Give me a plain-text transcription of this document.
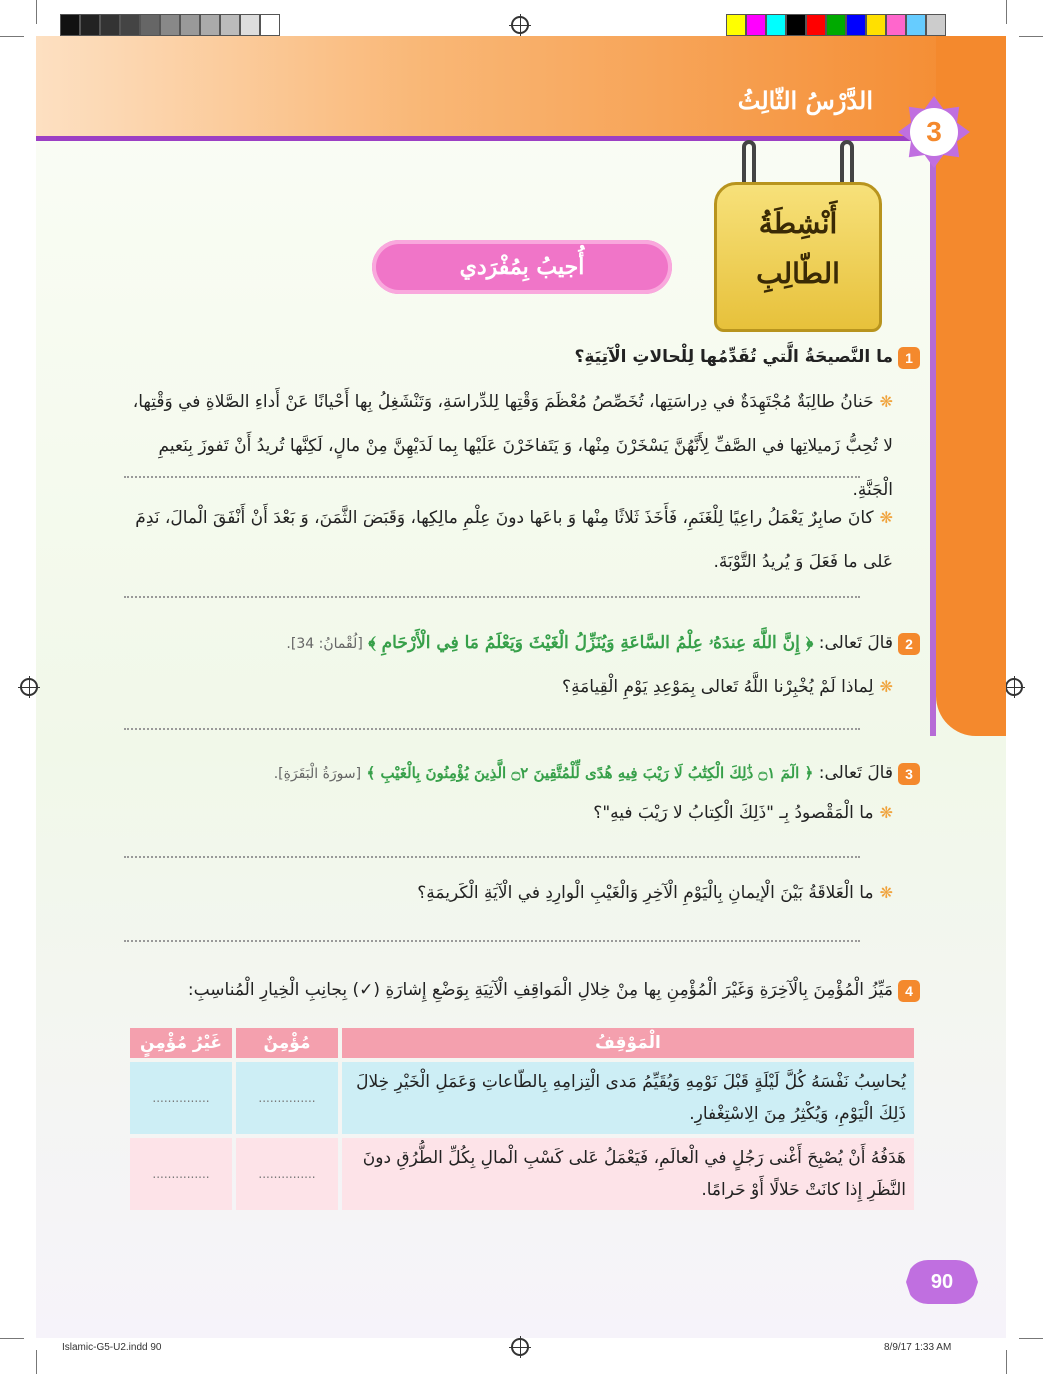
الدَّرْسُ الثّالِثُ
3
أَنْشِطَةُ
الطّالِبِ
أُجيبُ بِمُفْرَدي
1
ما النَّصيحَةُ الَّتي تُقَدِّمُها لِلْحالاتِ الْآتِيَةِ؟
❋حَنانُ طالِبَةٌ مُجْتَهِدَةٌ في دِراسَتِها، تُخَصِّصُ مُعْظَمَ وَقْتِها لِلدِّراسَةِ، وَتَنْشَغِلُ بِها أَحْيانًا عَنْ أَداءِ الصَّلاةِ في وَقْتِها، لا تُحِبُّ زَميلاتِها في الصَّفِّ لِأَنَّهُنَّ يَسْخَرْنَ مِنْها، وَ يَتَفاخَرْنَ عَلَيْها بِما لَدَيْهِنَّ مِنْ مالٍ، لَكِنَّها تُريدُ أَنْ تَفوزَ بِنَعيمِ الْجَنَّةِ.
❋كانَ صابِرٌ يَعْمَلُ راعِيًا لِلْغَنَمِ، فَأَخَذَ ثَلاثًا مِنْها وَ باعَها دونَ عِلْمِ مالِكِها، وَقَبَضَ الثَّمَنَ، وَ بَعْدَ أَنْ أَنْفَقَ الْمالَ، نَدِمَ عَلى ما فَعَلَ وَ يُريدُ التَّوْبَةَ.
2
قالَ تَعالى: ﴿ إِنَّ اللَّهَ عِندَهُۥ عِلْمُ السَّاعَةِ وَيُنَزِّلُ الْغَيْثَ وَيَعْلَمُ مَا فِي الْأَرْحَامِ ﴾ [لُقْمانُ: 34].
❋لِماذا لَمْ يُخْبِرْنا اللَّهُ تَعالى بِمَوْعِدِ يَوْمِ الْقِيامَةِ؟
3
قالَ تَعالى: ﴿ الٓمٓ ۝١ ذَٰلِكَ الْكِتَٰبُ لَا رَيْبَ فِيهِ هُدًى لِّلْمُتَّقِينَ ۝٢ الَّذِينَ يُؤْمِنُونَ بِالْغَيْبِ ﴾ [سورَةُ الْبَقَرَةِ].
❋ما الْمَقْصودُ بِـ "ذَلِكَ الْكِتابُ لا رَيْبَ فيهِ"؟
❋ما الْعَلاقَةُ بَيْنَ الْإيمانِ بِالْيَوْمِ الْآخِرِ وَالْغَيْبِ الْوارِدِ في الْآيَةِ الْكَريمَةِ؟
4
مَيِّزُ الْمُؤْمِنَ بِالْآخِرَةِ وَغَيْرَ الْمُؤْمِنِ بِها مِنْ خِلالِ الْمَواقِفِ الْآتِيَةِ بِوَضْعِ إِشارَةِ (✓) بِجانِبِ الْخِيارِ الْمُناسِبِ:
الْمَوْقِفُ	مُؤْمِنٌ	غَيْرُ مُؤْمِنٍ
يُحاسِبُ نَفْسَهُ كُلَّ لَيْلَةٍ قَبْلَ نَوْمِهِ وَيُقَيِّمُ مَدى الْتِزامِهِ بِالطّاعاتِ وَعَمَلِ الْخَيْرِ خِلالَ ذَلِكَ الْيَوْمِ، وَيُكْثِرُ مِنَ الِاسْتِغْفارِ.	...............	...............
هَدَفُهُ أَنْ يُصْبِحَ أَغْنى رَجُلٍ في الْعالَمِ، فَيَعْمَلُ عَلى كَسْبِ الْمالِ بِكُلِّ الطُّرُقِ دونَ النَّظَرِ إِذا كانَتْ حَلالًا أَوْ حَرامًا.	...............	...............
90
Islamic-G5-U2.indd 90	8/9/17 1:33 AM
